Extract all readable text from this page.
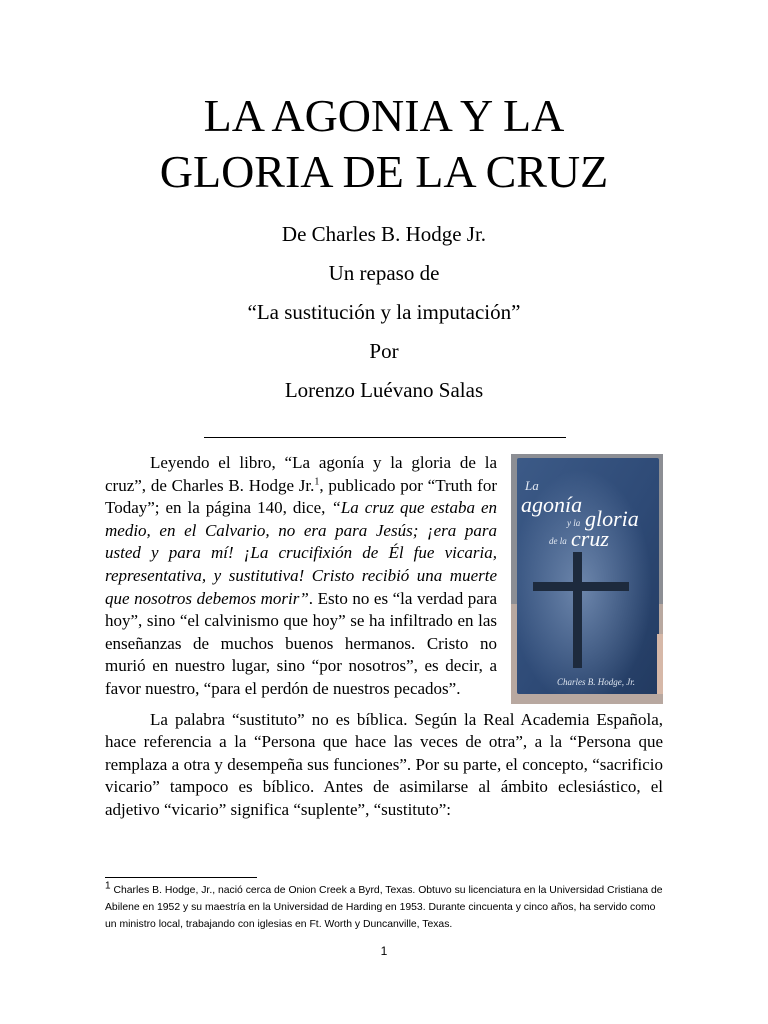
LA AGONIA Y LA
GLORIA DE LA CRUZ

De Charles B. Hodge Jr.

Un repaso de

“La sustitución y la imputación”

Por

Lorenzo Luévano Salas

La
agonía
y la gloria
de la cruz
Charles B. Hodge, Jr.

Leyendo el libro, “La agonía y la gloria de la cruz”, de Charles B. Hodge Jr.$^1$, publicado por “Truth for Today”; en la página 140, dice, “La cruz que estaba en medio, en el Calvario, no era para Jesús; ¡era para usted y para mí! ¡La crucifixión de Él fue vicaria, representativa, y sustitutiva! Cristo recibió una muerte que nosotros debemos morir”. Esto no es “la verdad para hoy”, sino “el calvinismo que hoy” se ha infiltrado en las enseñanzas de muchos buenos hermanos. Cristo no murió en nuestro lugar, sino “por nosotros”, es decir, a favor nuestro, “para el perdón de nuestros pecados”.

La palabra “sustituto” no es bíblica. Según la Real Academia Española, hace referencia a la “Persona que hace las veces de otra”, a la “Persona que remplaza a otra y desempeña sus funciones”. Por su parte, el concepto, “sacrificio vicario” tampoco es bíblico. Antes de asimilarse al ámbito eclesiástico, el adjetivo “vicario” significa “suplente”, “sustituto”:

$^1$ Charles B. Hodge, Jr., nació cerca de Onion Creek a Byrd, Texas. Obtuvo su licenciatura en la Universidad Cristiana de Abilene en 1952 y su maestría en la Universidad de Harding en 1953. Durante cincuenta y cinco años, ha servido como un ministro local, trabajando con iglesias en Ft. Worth y Duncanville, Texas.

1
